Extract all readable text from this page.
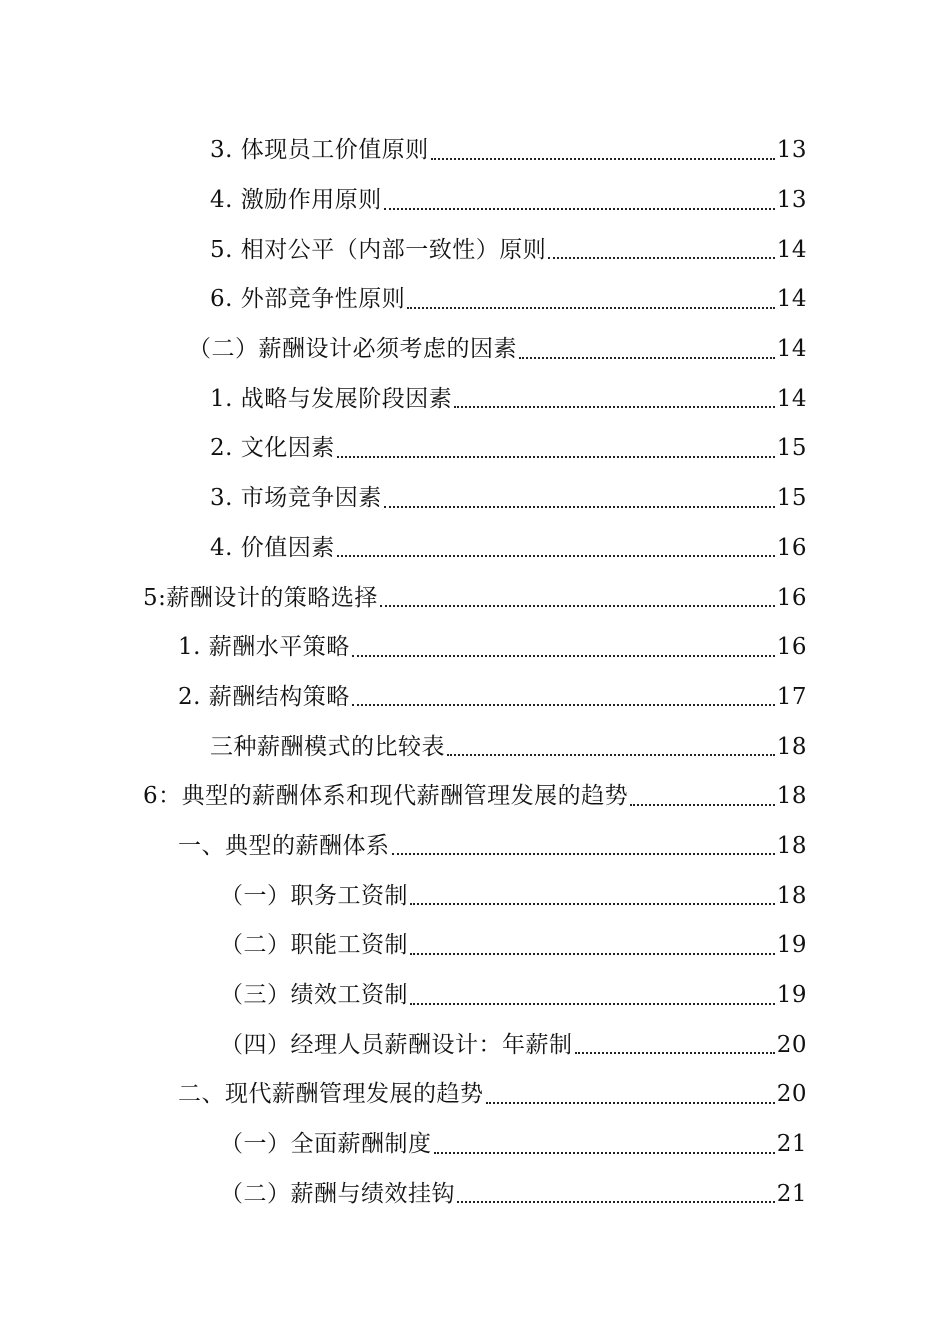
3. 体现员工价值原则	13
4. 激励作用原则	13
5. 相对公平（内部一致性）原则	14
6. 外部竞争性原则	14
（二）薪酬设计必须考虑的因素	14
1. 战略与发展阶段因素	14
2. 文化因素	15
3. 市场竞争因素	15
4. 价值因素	16
5:薪酬设计的策略选择	16
1. 薪酬水平策略	16
2. 薪酬结构策略	17
三种薪酬模式的比较表	18
6：典型的薪酬体系和现代薪酬管理发展的趋势	18
一、典型的薪酬体系	18
（一）职务工资制	18
（二）职能工资制	19
（三）绩效工资制	19
（四）经理人员薪酬设计：年薪制	20
二、现代薪酬管理发展的趋势	20
（一）全面薪酬制度	21
（二）薪酬与绩效挂钩	21
